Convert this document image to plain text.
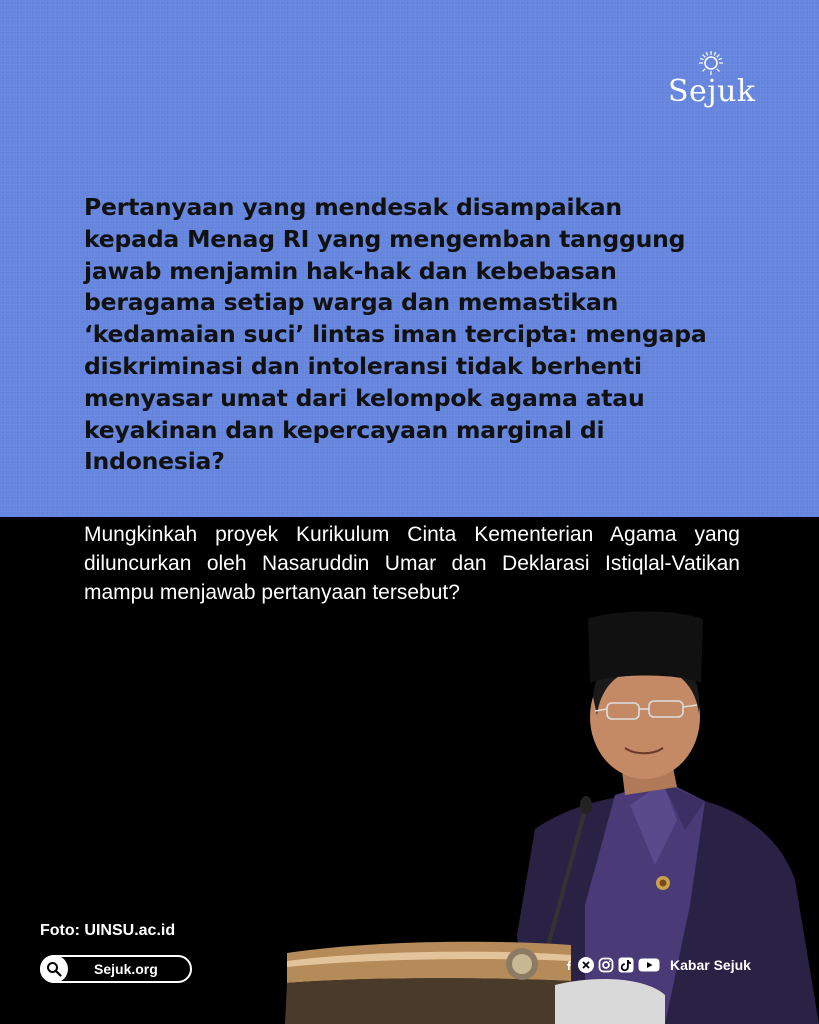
Sejuk

Pertanyaan yang mendesak disampaikan kepada Menag RI yang mengemban tanggung jawab menjamin hak-hak dan kebebasan beragama setiap warga dan memastikan ‘kedamaian suci’ lintas iman tercipta: mengapa diskriminasi dan intoleransi tidak berhenti menyasar umat dari kelompok agama atau keyakinan dan kepercayaan marginal di Indonesia?

Mungkinkah proyek Kurikulum Cinta Kementerian Agama yang diluncurkan oleh Nasaruddin Umar dan Deklarasi Istiqlal-Vatikan mampu menjawab pertanyaan tersebut?

Foto: UINSU.ac.id
Sejuk.org	Kabar Sejuk
